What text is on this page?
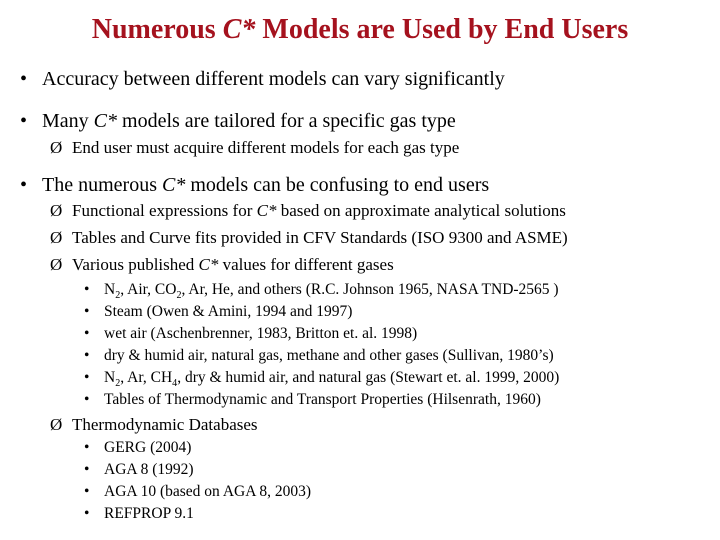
Numerous C* Models are Used by End Users
• Accuracy between different models can vary significantly
• Many C* models are tailored for a specific gas type
Ø End user must acquire different models for each gas type
• The numerous C* models can be confusing to end users
Ø Functional expressions for C* based on approximate analytical solutions
Ø Tables and Curve fits provided in CFV Standards (ISO 9300 and ASME)
Ø Various published C* values for different gases
• $N_2$, Air, $CO_2$, Ar, He, and others (R.C. Johnson 1965, NASA TND-2565 )
• Steam (Owen & Amini, 1994 and 1997)
• wet air (Aschenbrenner, 1983, Britton et. al. 1998)
• dry & humid air, natural gas, methane and other gases (Sullivan, 1980’s)
• $N_2$, Ar, $CH_4$, dry & humid air, and natural gas (Stewart et. al. 1999, 2000)
• Tables of Thermodynamic and Transport Properties (Hilsenrath, 1960)
Ø Thermodynamic Databases
• GERG (2004)
• AGA 8 (1992)
• AGA 10 (based on AGA 8, 2003)
• REFPROP 9.1
